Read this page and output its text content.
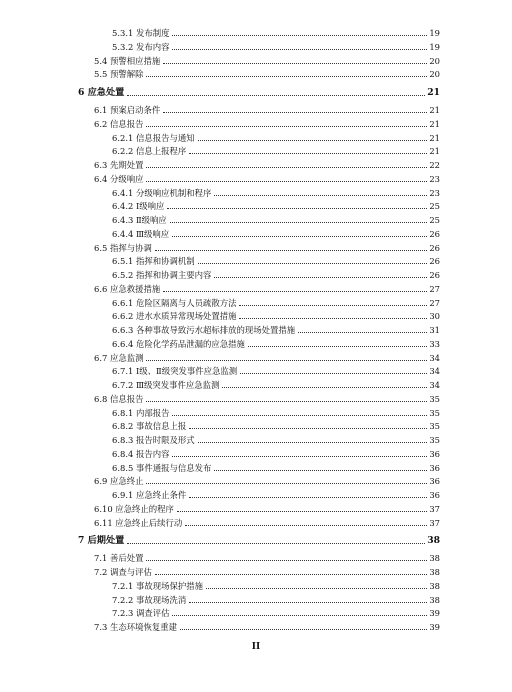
5.3.1 发布制度	19
5.3.2 发布内容	19
5.4 预警相应措施	20
5.5 预警解除	20
6 应急处置	21
6.1 预案启动条件	21
6.2 信息报告	21
6.2.1 信息报告与通知	21
6.2.2 信息上报程序	21
6.3 先期处置	22
6.4 分级响应	23
6.4.1 分级响应机制和程序	23
6.4.2 Ⅰ级响应	25
6.4.3 Ⅱ级响应	25
6.4.4 Ⅲ级响应	26
6.5 指挥与协调	26
6.5.1 指挥和协调机制	26
6.5.2 指挥和协调主要内容	26
6.6 应急救援措施	27
6.6.1 危险区隔离与人员疏散方法	27
6.6.2 进水水质异常现场处置措施	30
6.6.3 各种事故导致污水超标排放的现场处置措施	31
6.6.4 危险化学药品泄漏的应急措施	33
6.7 应急监测	34
6.7.1 Ⅰ级、Ⅱ级突发事件应急监测	34
6.7.2 Ⅲ级突发事件应急监测	34
6.8 信息报告	35
6.8.1 内部报告	35
6.8.2 事故信息上报	35
6.8.3 报告时限及形式	35
6.8.4 报告内容	36
6.8.5 事件通报与信息发布	36
6.9 应急终止	36
6.9.1 应急终止条件	36
6.10 应急终止的程序	37
6.11 应急终止后续行动	37
7 后期处置	38
7.1 善后处置	38
7.2 调查与评估	38
7.2.1 事故现场保护措施	38
7.2.2 事故现场洗消	38
7.2.3 调查评估	39
7.3 生态环境恢复重建	39
II
